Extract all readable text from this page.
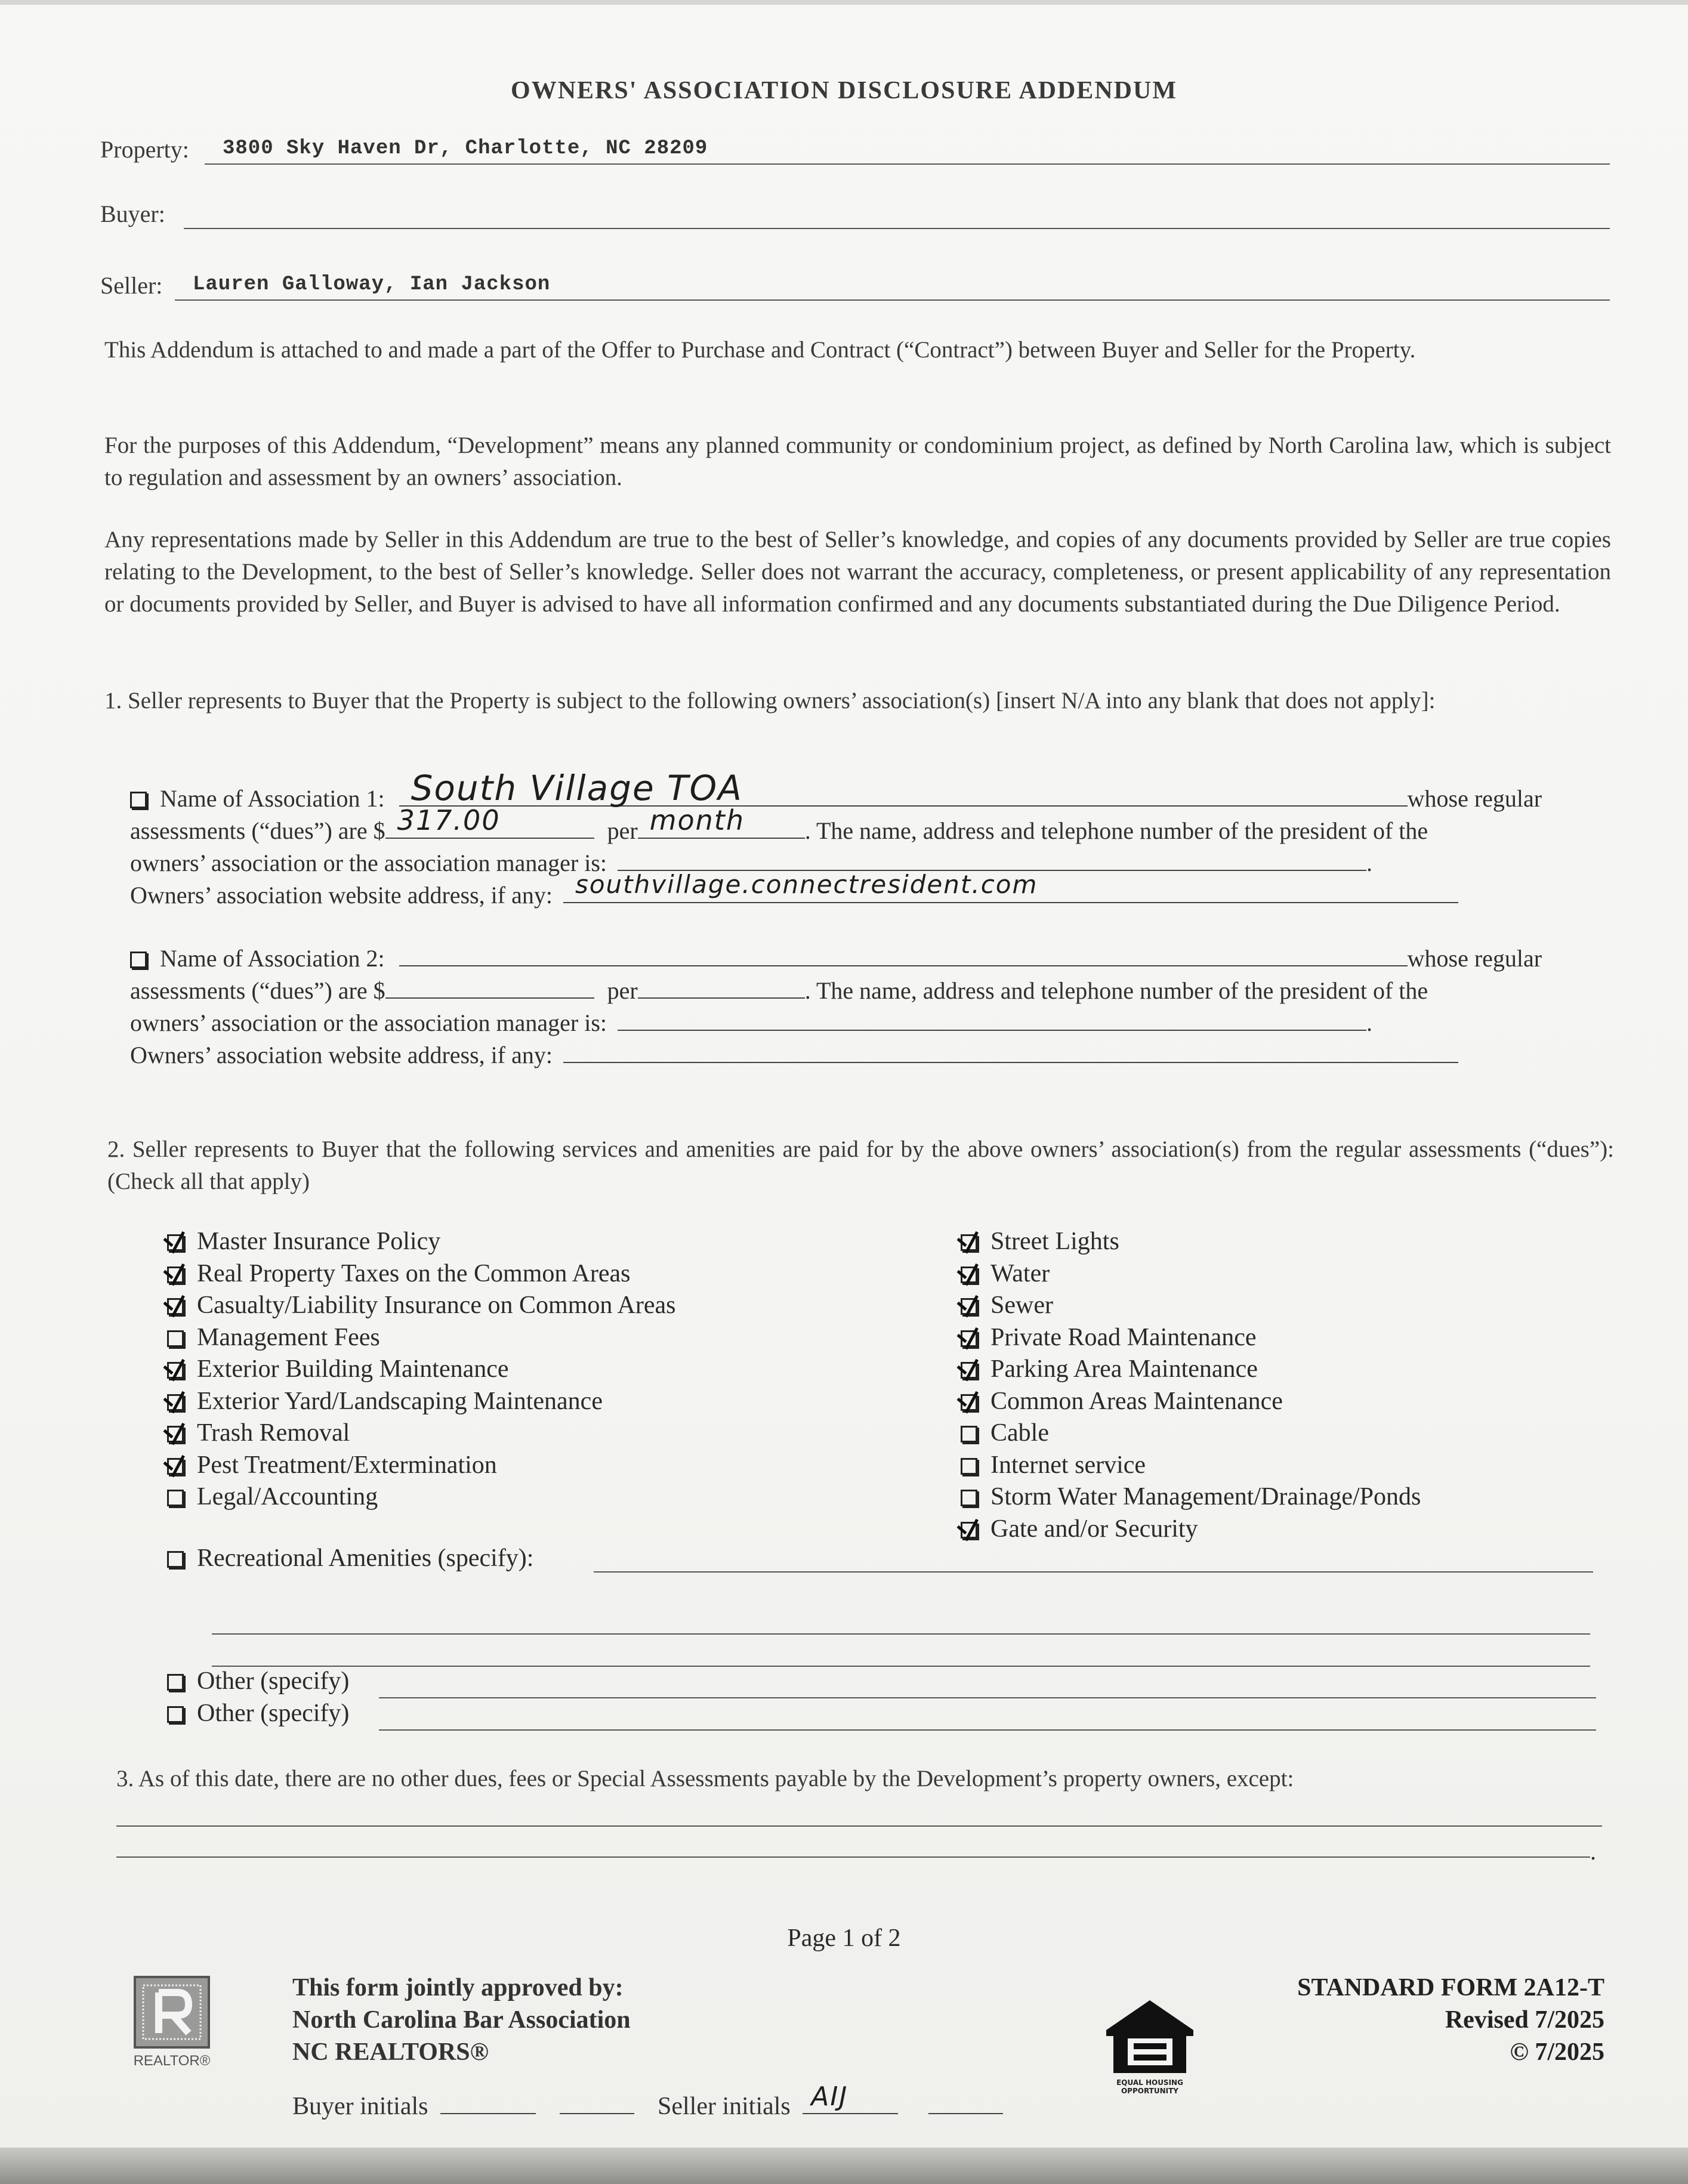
OWNERS' ASSOCIATION DISCLOSURE ADDENDUM
Property: 3800 Sky Haven Dr, Charlotte, NC 28209
Buyer:
Seller: Lauren Galloway, Ian Jackson
This Addendum is attached to and made a part of the Offer to Purchase and Contract (“Contract”) between Buyer and Seller for the Property.
For the purposes of this Addendum, “Development” means any planned community or condominium project, as defined by North Carolina law, which is subject to regulation and assessment by an owners’ association.
Any representations made by Seller in this Addendum are true to the best of Seller’s knowledge, and copies of any documents provided by Seller are true copies relating to the Development, to the best of Seller’s knowledge. Seller does not warrant the accuracy, completeness, or present applicability of any representation or documents provided by Seller, and Buyer is advised to have all information confirmed and any documents substantiated during the Due Diligence Period.
1. Seller represents to Buyer that the Property is subject to the following owners’ association(s) [insert N/A into any blank that does not apply]:
Name of Association 1: South Village TOA	whose regular
assessments (“dues”) are $ 317.00	per month	. The name, address and telephone number of the president of the
owners’ association or the association manager is:	.
Owners’ association website address, if any: southvillage.connectresident.com
Name of Association 2:	whose regular
assessments (“dues”) are $	per	. The name, address and telephone number of the president of the
owners’ association or the association manager is:	.
Owners’ association website address, if any:
2. Seller represents to Buyer that the following services and amenities are paid for by the above owners’ association(s) from the regular assessments (“dues”): (Check all that apply)
Master Insurance Policy
Real Property Taxes on the Common Areas
Casualty/Liability Insurance on Common Areas
Management Fees
Exterior Building Maintenance
Exterior Yard/Landscaping Maintenance
Trash Removal
Pest Treatment/Extermination
Legal/Accounting
Street Lights
Water
Sewer
Private Road Maintenance
Parking Area Maintenance
Common Areas Maintenance
Cable
Internet service
Storm Water Management/Drainage/Ponds
Gate and/or Security
Recreational Amenities (specify):
Other (specify)
Other (specify)
3. As of this date, there are no other dues, fees or Special Assessments payable by the Development’s property owners, except:
.
Page 1 of 2
REALTOR®
This form jointly approved by:
North Carolina Bar Association
NC REALTORS®
EQUAL HOUSING
OPPORTUNITY
STANDARD FORM 2A12-T
Revised 7/2025
© 7/2025
Buyer initials	Seller initials AIJ
